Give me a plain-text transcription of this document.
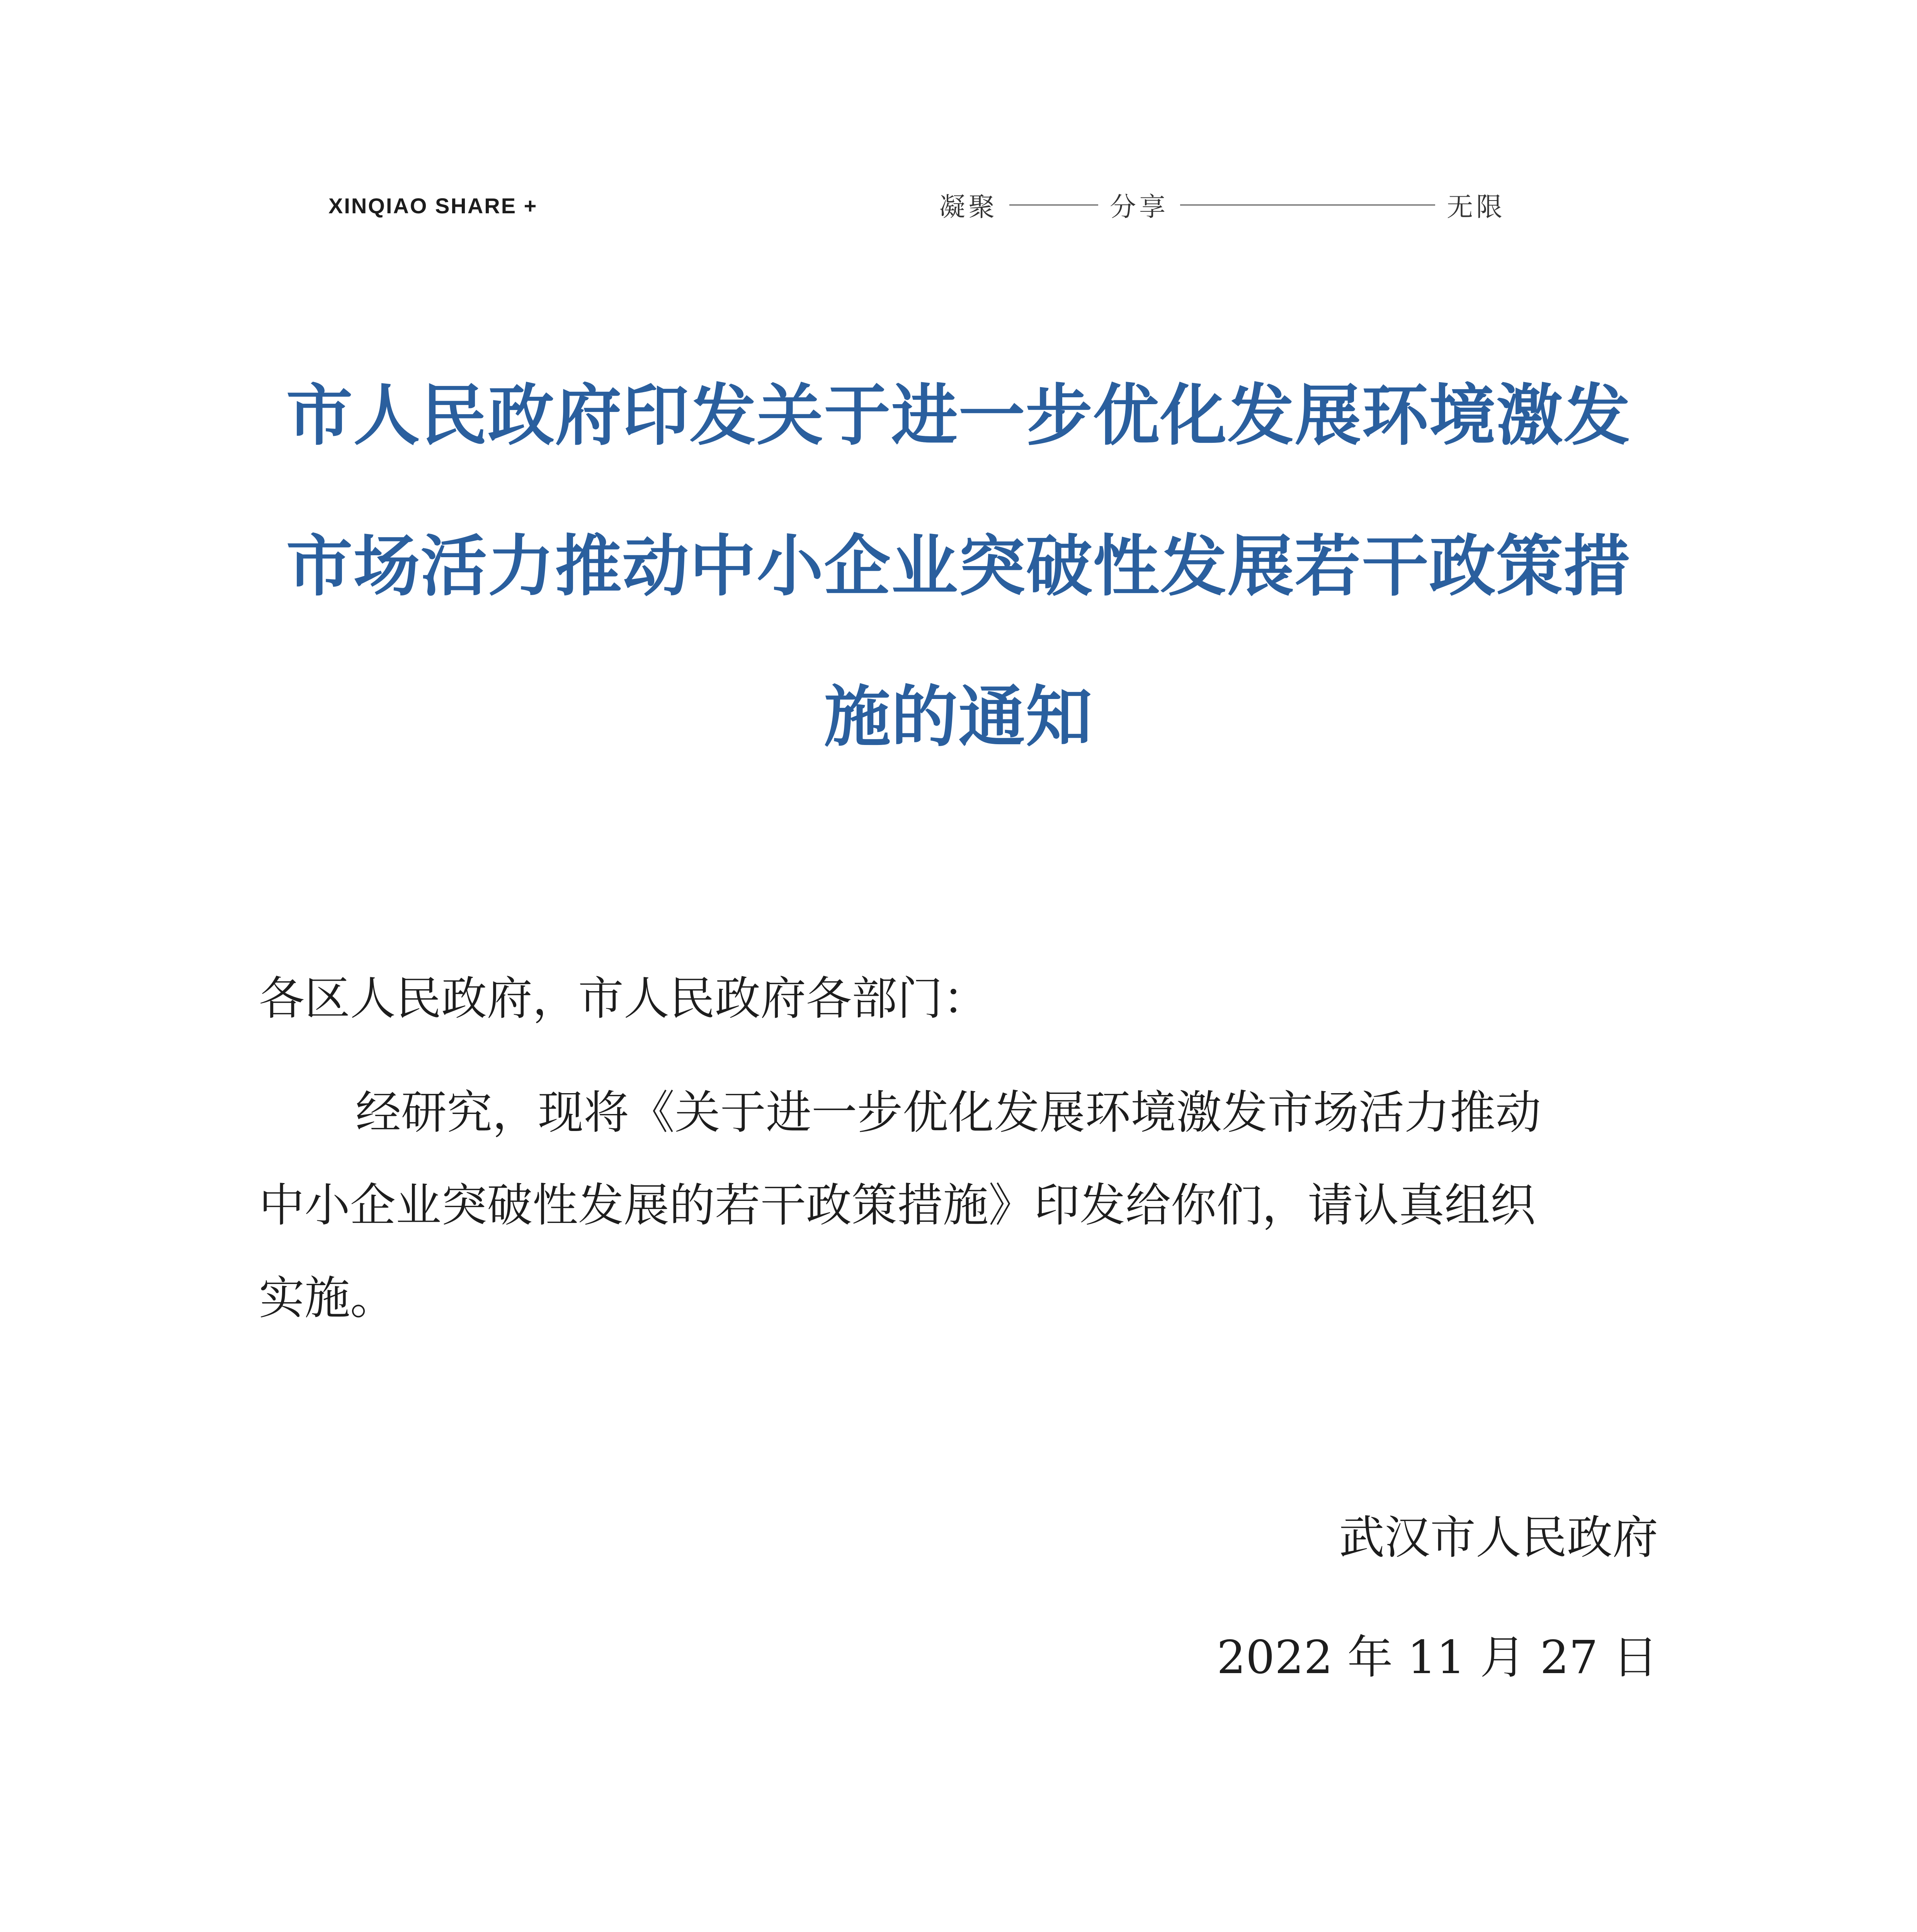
XINQIAO SHARE +	凝聚	分享	无限
市人民政府印发关于进一步优化发展环境激发
市场活力推动中小企业突破性发展若干政策措
施的通知
各区人民政府，市人民政府各部门：
经研究，现将《关于进一步优化发展环境激发市场活力推动
中小企业突破性发展的若干政策措施》印发给你们，请认真组织
实施。
武汉市人民政府
2022 年 11 月 27 日
